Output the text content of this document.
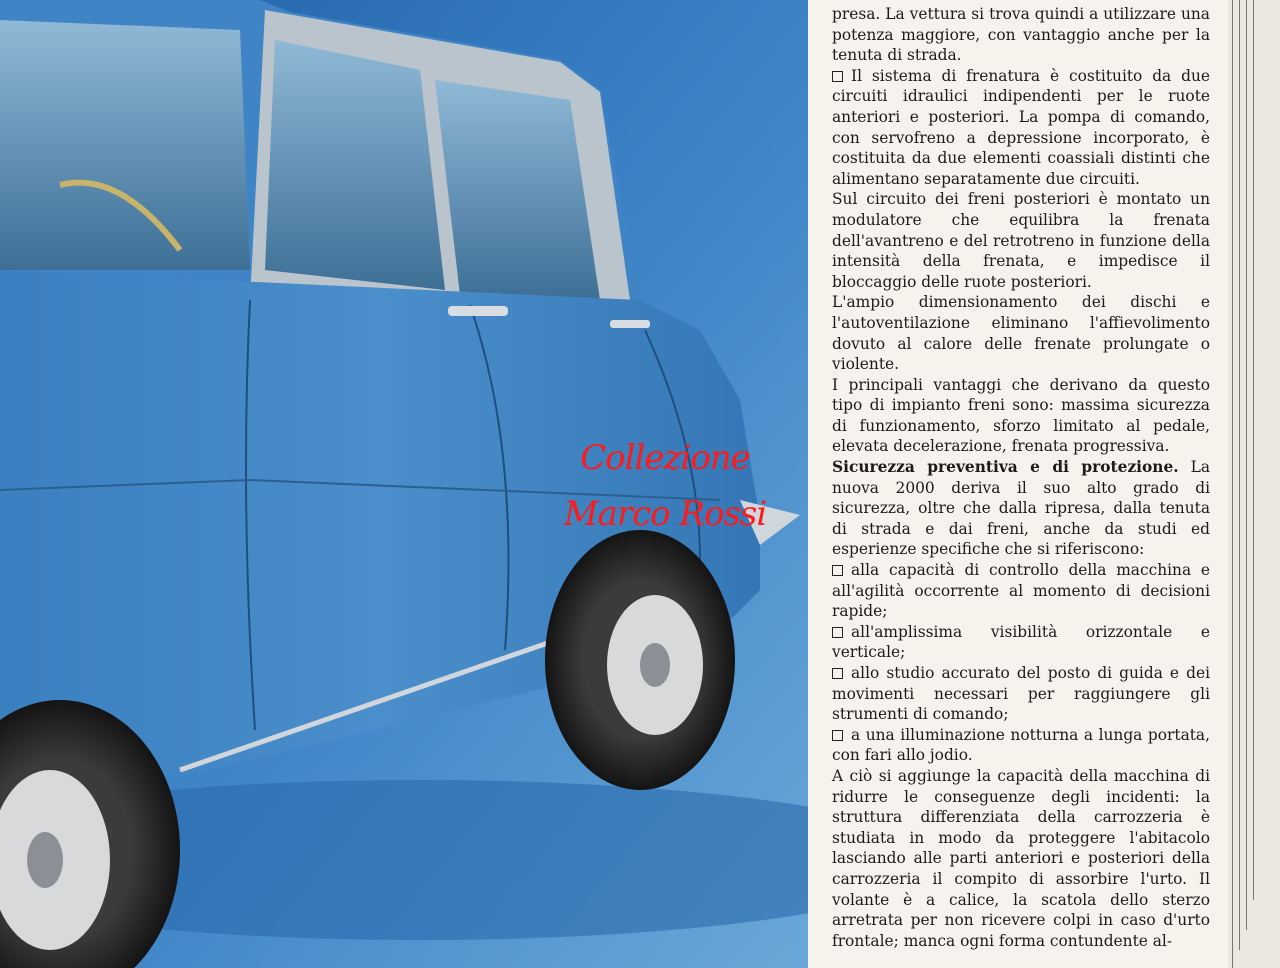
Collezione
Marco Rossi

presa. La vettura si trova quindi a utilizzare una potenza maggiore, con vantaggio anche per la tenuta di strada.

Il sistema di frenatura è costituito da due circuiti idraulici indipendenti per le ruote anteriori e posteriori. La pompa di comando, con servofreno a depressione incorporato, è costituita da due elementi coassiali distinti che alimentano separatamente due circuiti.

Sul circuito dei freni posteriori è montato un modulatore che equilibra la frenata dell'avantreno e del retrotreno in funzione della intensità della frenata, e impedisce il bloccaggio delle ruote posteriori.

L'ampio dimensionamento dei dischi e l'autoventilazione eliminano l'affievolimento dovuto al calore delle frenate prolungate o violente.

I principali vantaggi che derivano da questo tipo di impianto freni sono: massima sicurezza di funzionamento, sforzo limitato al pedale, elevata decelerazione, frenata progressiva.

Sicurezza preventiva e di protezione. La nuova 2000 deriva il suo alto grado di sicurezza, oltre che dalla ripresa, dalla tenuta di strada e dai freni, anche da studi ed esperienze specifiche che si riferiscono:

alla capacità di controllo della macchina e all'agilità occorrente al momento di decisioni rapide;

all'amplissima visibilità orizzontale e verticale;

allo studio accurato del posto di guida e dei movimenti necessari per raggiungere gli strumenti di comando;

a una illuminazione notturna a lunga portata, con fari allo jodio.

A ciò si aggiunge la capacità della macchina di ridurre le conseguenze degli incidenti: la struttura differenziata della carrozzeria è studiata in modo da proteggere l'abitacolo lasciando alle parti anteriori e posteriori della carrozzeria il compito di assorbire l'urto. Il volante è a calice, la scatola dello sterzo arretrata per non ricevere colpi in caso d'urto frontale; manca ogni forma contundente al-
